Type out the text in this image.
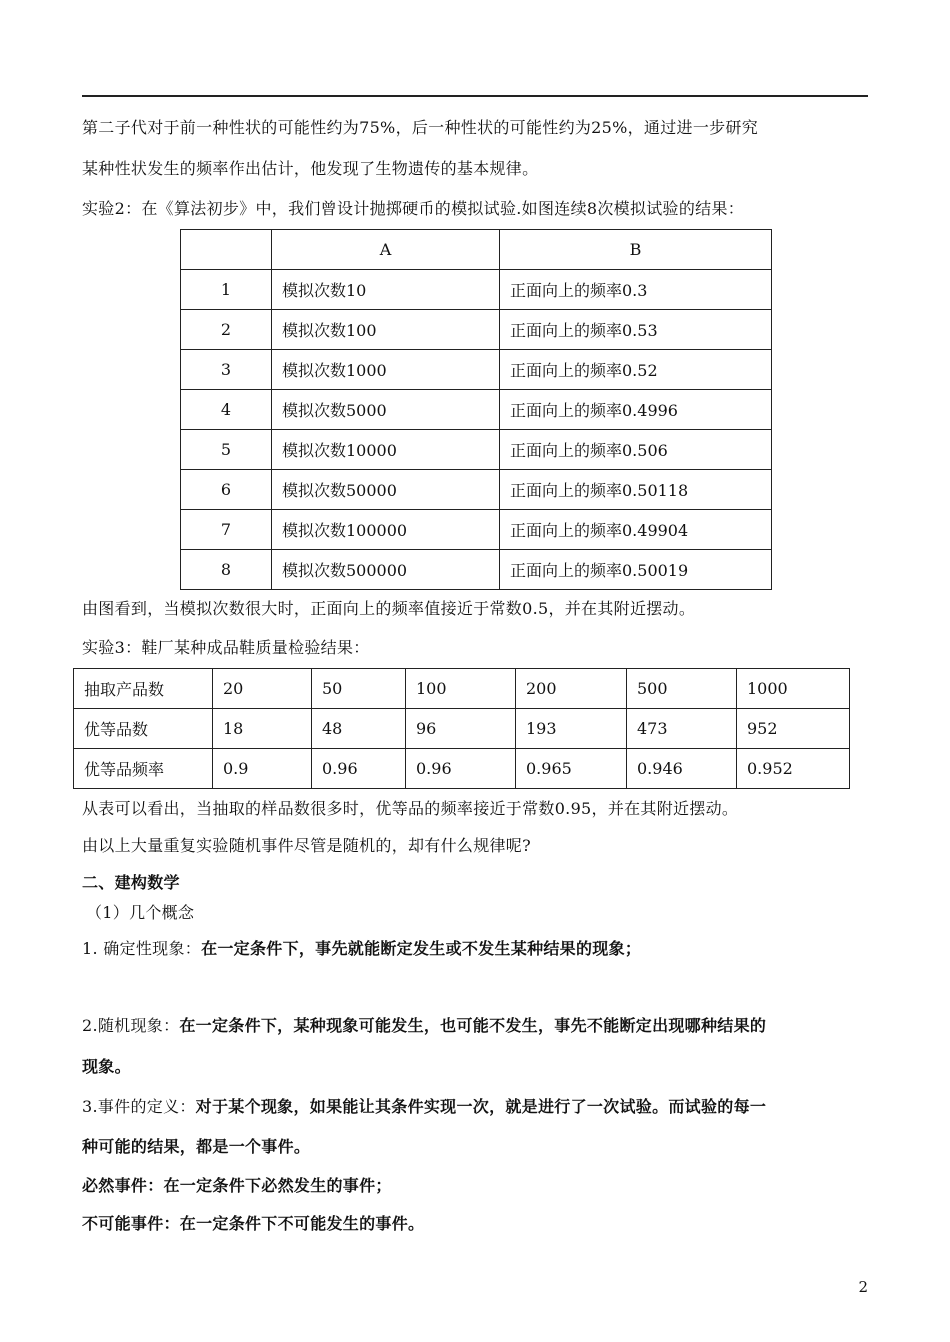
第二子代对于前一种性状的可能性约为75%，后一种性状的可能性约为25%，通过进一步研究
某种性状发生的频率作出估计，他发现了生物遗传的基本规律。
实验2：在《算法初步》中，我们曾设计抛掷硬币的模拟试验.如图连续8次模拟试验的结果：
	A	B
1	模拟次数10	正面向上的频率0.3
2	模拟次数100	正面向上的频率0.53
3	模拟次数1000	正面向上的频率0.52
4	模拟次数5000	正面向上的频率0.4996
5	模拟次数10000	正面向上的频率0.506
6	模拟次数50000	正面向上的频率0.50118
7	模拟次数100000	正面向上的频率0.49904
8	模拟次数500000	正面向上的频率0.50019
由图看到，当模拟次数很大时，正面向上的频率值接近于常数0.5，并在其附近摆动。
实验3：鞋厂某种成品鞋质量检验结果：
抽取产品数	20	50	100	200	500	1000
优等品数	18	48	96	193	473	952
优等品频率	0.9	0.96	0.96	0.965	0.946	0.952
从表可以看出，当抽取的样品数很多时，优等品的频率接近于常数0.95，并在其附近摆动。
由以上大量重复实验随机事件尽管是随机的，却有什么规律呢?
二、建构数学
（1）几个概念
1. 确定性现象：在一定条件下，事先就能断定发生或不发生某种结果的现象；
2.随机现象：在一定条件下，某种现象可能发生，也可能不发生，事先不能断定出现哪种结果的
现象。
3.事件的定义：对于某个现象，如果能让其条件实现一次，就是进行了一次试验。而试验的每一
种可能的结果，都是一个事件。
必然事件：在一定条件下必然发生的事件；
不可能事件：在一定条件下不可能发生的事件。
2
